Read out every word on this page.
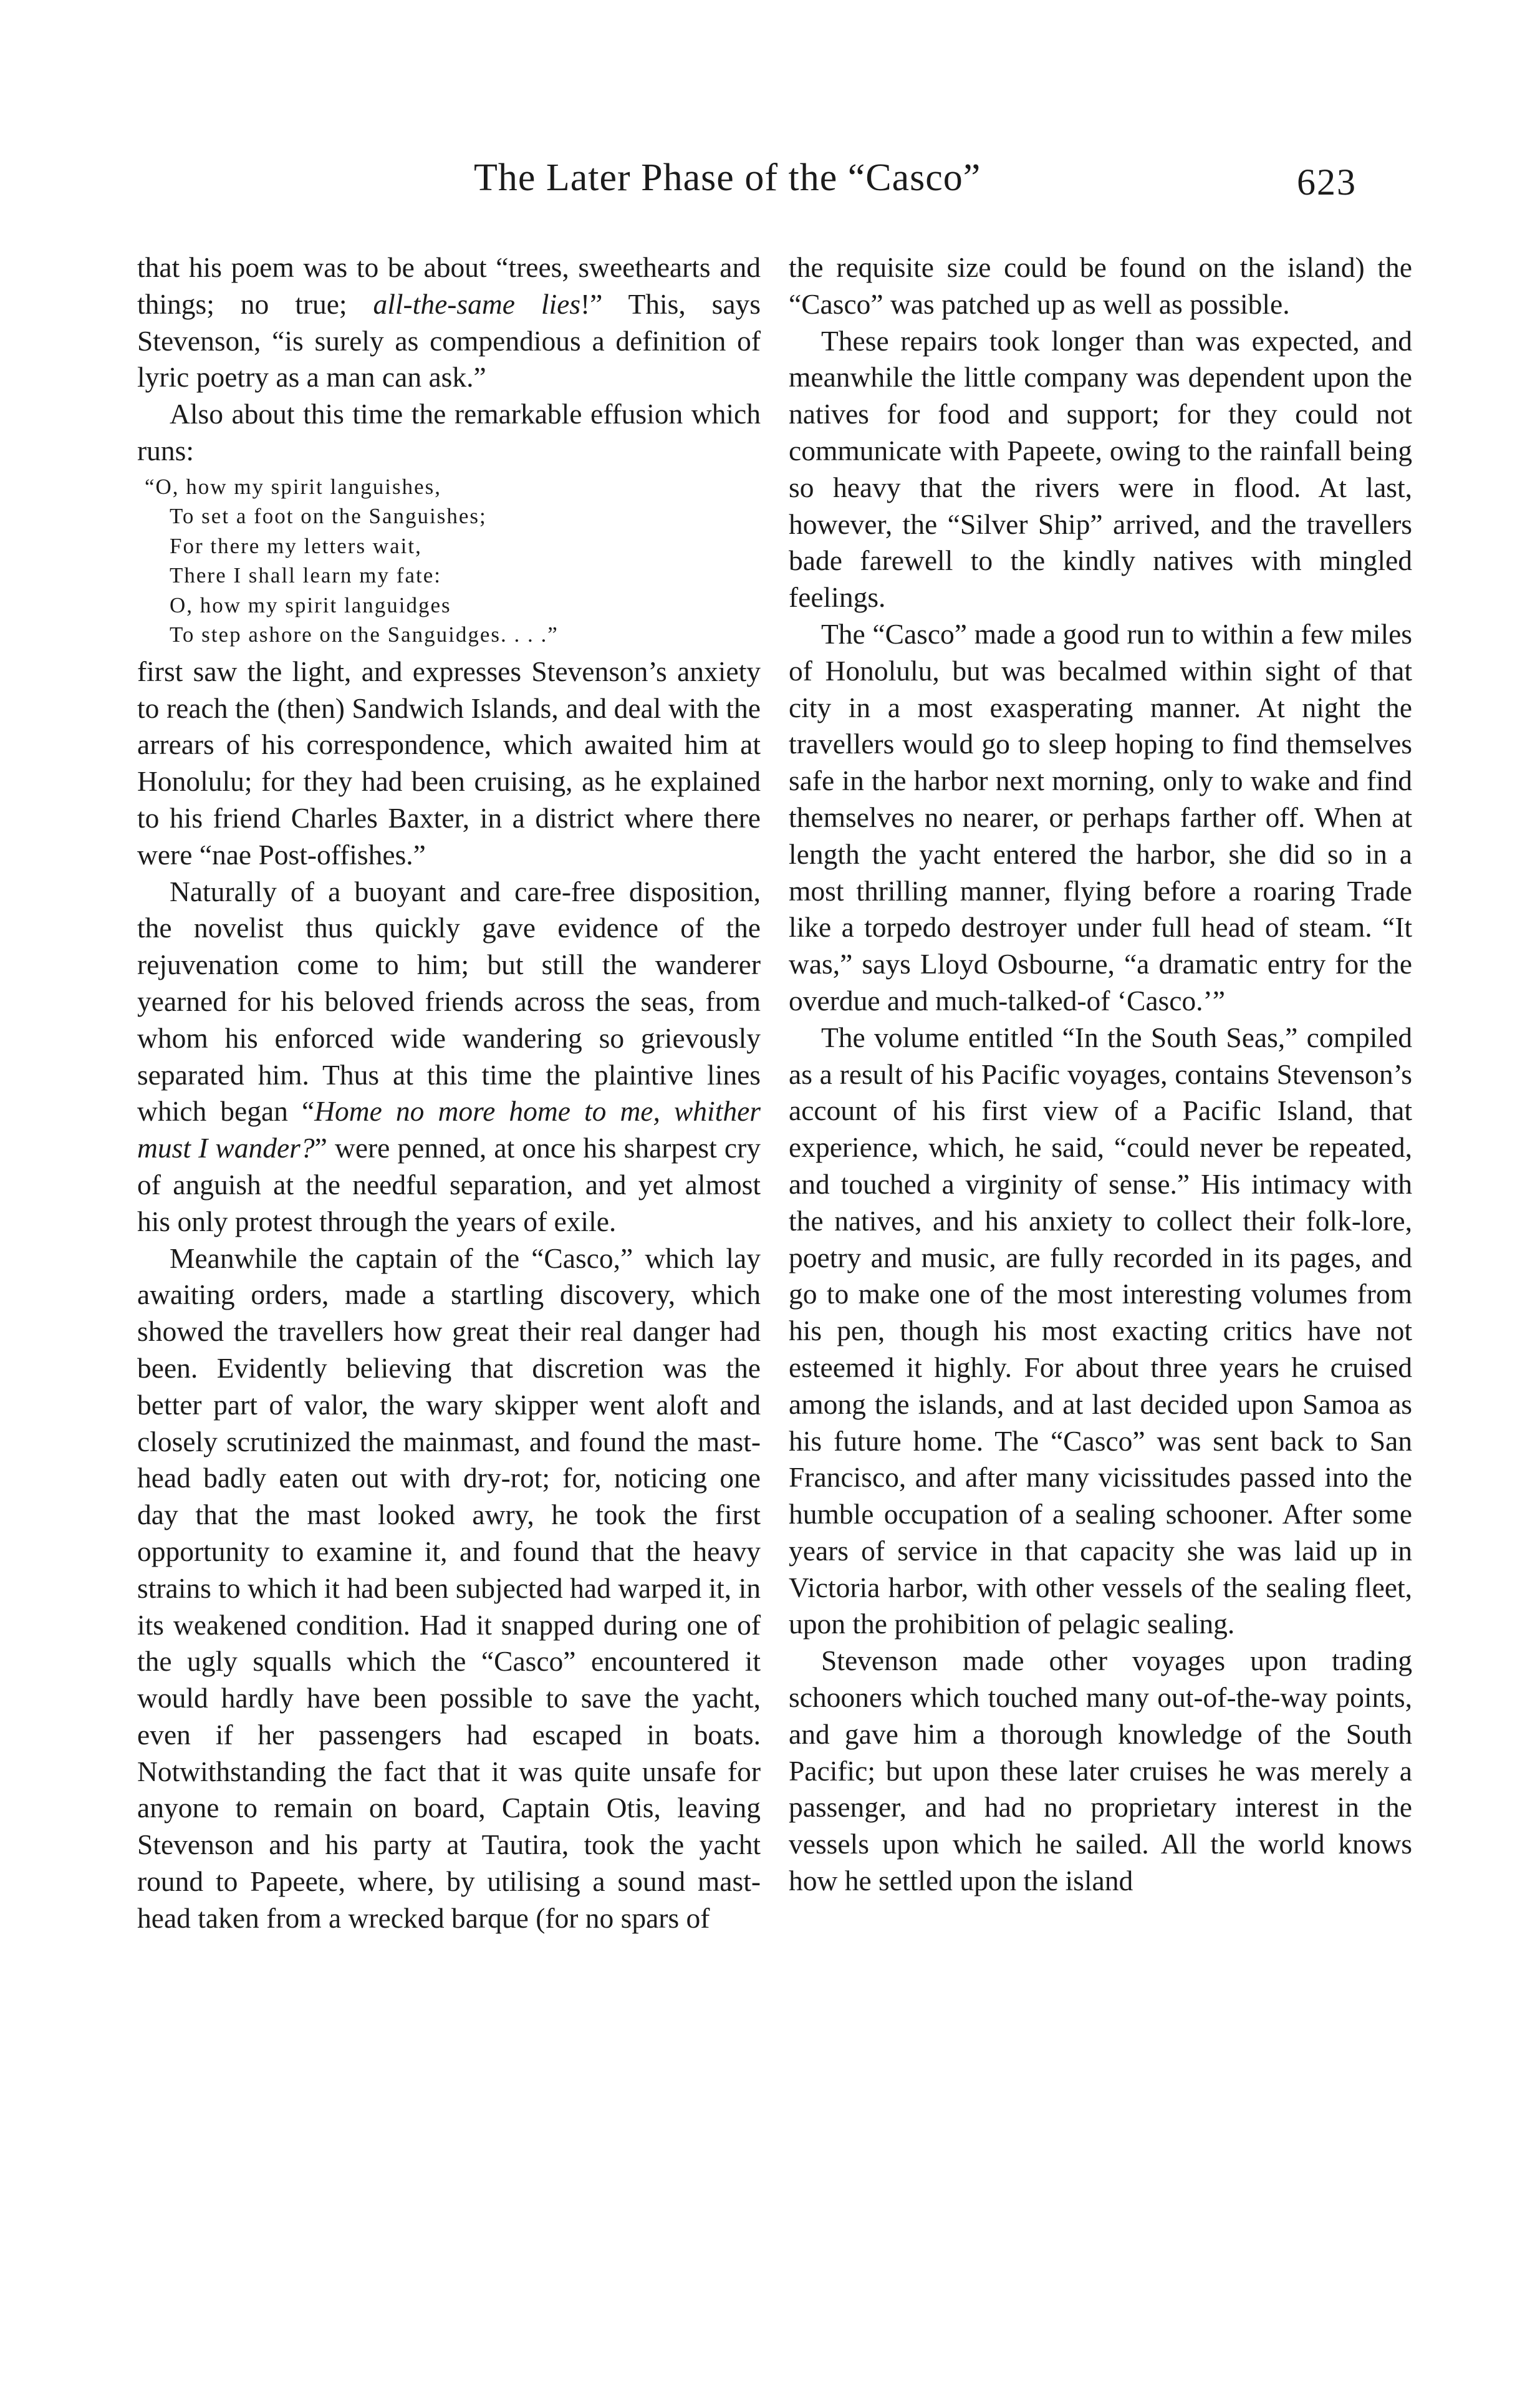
The Later Phase of the “Casco”	623

that his poem was to be about “trees, sweethearts and things; no true; all-the-same lies!” This, says Stevenson, “is surely as compendious a definition of lyric poetry as a man can ask.”

Also about this time the remarkable effusion which runs:

“O, how my spirit languishes,
To set a foot on the Sanguishes;
For there my letters wait,
There I shall learn my fate:
O, how my spirit languidges
To step ashore on the Sanguidges. . . .”

first saw the light, and expresses Stevenson’s anxiety to reach the (then) Sandwich Islands, and deal with the arrears of his correspondence, which awaited him at Honolulu; for they had been cruising, as he explained to his friend Charles Baxter, in a district where there were “nae Post-offishes.”

Naturally of a buoyant and care-free disposition, the novelist thus quickly gave evidence of the rejuvenation come to him; but still the wanderer yearned for his beloved friends across the seas, from whom his enforced wide wandering so grievously separated him. Thus at this time the plaintive lines which began “Home no more home to me, whither must I wander?” were penned, at once his sharpest cry of anguish at the needful separation, and yet almost his only protest through the years of exile.

Meanwhile the captain of the “Casco,” which lay awaiting orders, made a startling discovery, which showed the travellers how great their real danger had been. Evidently believing that discretion was the better part of valor, the wary skipper went aloft and closely scrutinized the mainmast, and found the mast-head badly eaten out with dry-rot; for, noticing one day that the mast looked awry, he took the first opportunity to examine it, and found that the heavy strains to which it had been subjected had warped it, in its weakened condition. Had it snapped during one of the ugly squalls which the “Casco” encountered it would hardly have been possible to save the yacht, even if her passengers had escaped in boats. Notwithstanding the fact that it was quite unsafe for anyone to remain on board, Captain Otis, leaving Stevenson and his party at Tautira, took the yacht round to Papeete, where, by utilising a sound mast-head taken from a wrecked barque (for no spars of

the requisite size could be found on the island) the “Casco” was patched up as well as possible.

These repairs took longer than was expected, and meanwhile the little company was dependent upon the natives for food and support; for they could not communicate with Papeete, owing to the rainfall being so heavy that the rivers were in flood. At last, however, the “Silver Ship” arrived, and the travellers bade farewell to the kindly natives with mingled feelings.

The “Casco” made a good run to within a few miles of Honolulu, but was becalmed within sight of that city in a most exasperating manner. At night the travellers would go to sleep hoping to find themselves safe in the harbor next morning, only to wake and find themselves no nearer, or perhaps farther off. When at length the yacht entered the harbor, she did so in a most thrilling manner, flying before a roaring Trade like a torpedo destroyer under full head of steam. “It was,” says Lloyd Osbourne, “a dramatic entry for the overdue and much-talked-of ‘Casco.’”

The volume entitled “In the South Seas,” compiled as a result of his Pacific voyages, contains Stevenson’s account of his first view of a Pacific Island, that experience, which, he said, “could never be repeated, and touched a virginity of sense.” His intimacy with the natives, and his anxiety to collect their folk-lore, poetry and music, are fully recorded in its pages, and go to make one of the most interesting volumes from his pen, though his most exacting critics have not esteemed it highly. For about three years he cruised among the islands, and at last decided upon Samoa as his future home. The “Casco” was sent back to San Francisco, and after many vicissitudes passed into the humble occupation of a sealing schooner. After some years of service in that capacity she was laid up in Victoria harbor, with other vessels of the sealing fleet, upon the prohibition of pelagic sealing.

Stevenson made other voyages upon trading schooners which touched many out-of-the-way points, and gave him a thorough knowledge of the South Pacific; but upon these later cruises he was merely a passenger, and had no proprietary interest in the vessels upon which he sailed. All the world knows how he settled upon the island
